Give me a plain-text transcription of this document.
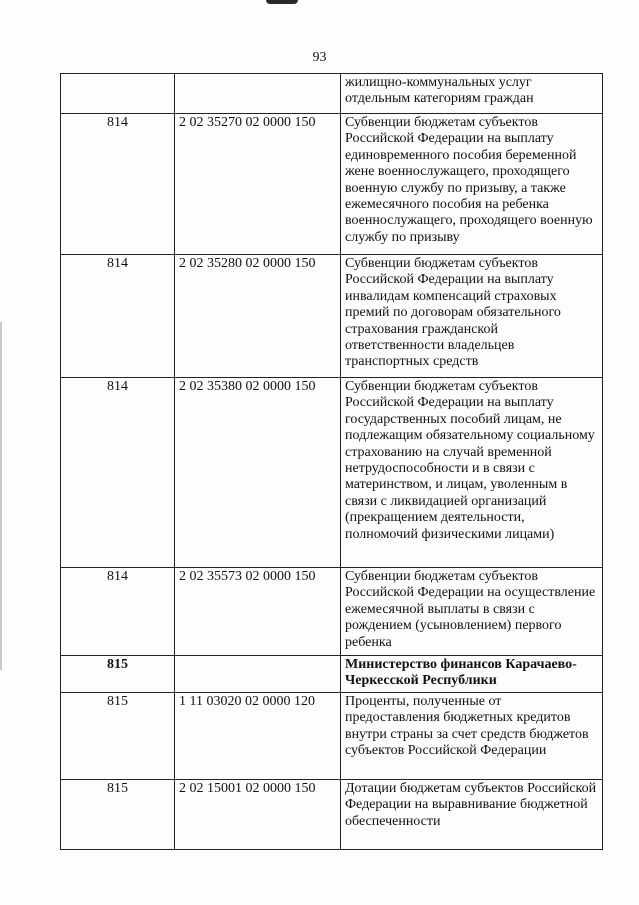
93
		жилищно-коммунальных услуг отдельным категориям граждан
814	2 02 35270 02 0000 150	Субвенции бюджетам субъектов Российской Федерации на выплату единовременного пособия беременной жене военнослужащего, проходящего военную службу по призыву, а также ежемесячного пособия на ребенка военнослужащего, проходящего военную службу по призыву
814	2 02 35280 02 0000 150	Субвенции бюджетам субъектов Российской Федерации на выплату инвалидам компенсаций страховых премий по договорам обязательного страхования гражданской ответственности владельцев транспортных средств
814	2 02 35380 02 0000 150	Субвенции бюджетам субъектов Российской Федерации на выплату государственных пособий лицам, не подлежащим обязательному социальному страхованию на случай временной нетрудоспособности и в связи с материнством, и лицам, уволенным в связи с ликвидацией организаций (прекращением деятельности, полномочий физическими лицами)
814	2 02 35573 02 0000 150	Субвенции бюджетам субъектов Российской Федерации на осуществление ежемесячной выплаты в связи с рождением (усыновлением) первого ребенка
815		Министерство финансов Карачаево-Черкесской Республики
815	1 11 03020 02 0000 120	Проценты, полученные от предоставления бюджетных кредитов внутри страны за счет средств бюджетов субъектов Российской Федерации
815	2 02 15001 02 0000 150	Дотации бюджетам субъектов Российской Федерации на выравнивание бюджетной обеспеченности
